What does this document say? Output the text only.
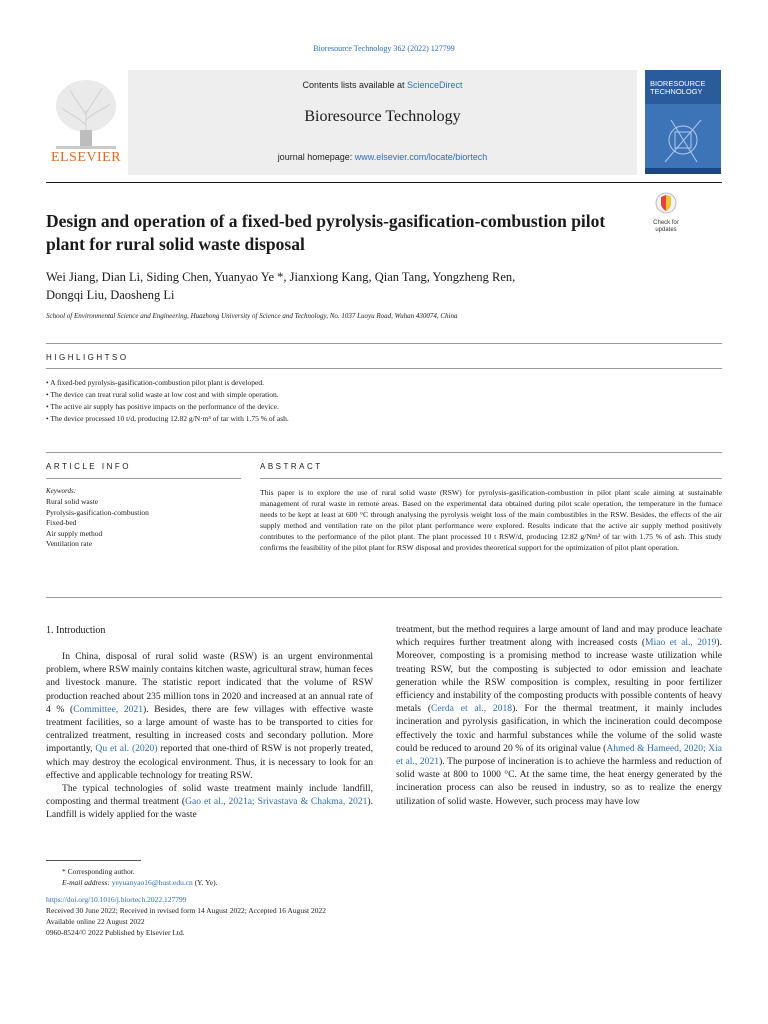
Bioresource Technology 362 (2022) 127799
ELSEVIER
Contents lists available at ScienceDirect
Bioresource Technology
journal homepage: www.elsevier.com/locate/biortech
BIORESOURCE
TECHNOLOGY
Check for
updates
Design and operation of a fixed-bed pyrolysis-gasification-combustion pilot plant for rural solid waste disposal
Wei Jiang, Dian Li, Siding Chen, Yuanyao Ye *, Jianxiong Kang, Qian Tang, Yongzheng Ren,
Dongqi Liu, Daosheng Li
School of Environmental Science and Engineering, Huazhong University of Science and Technology, No. 1037 Luoyu Road, Wuhan 430074, China
HIGHLIGHTSO
• A fixed-bed pyrolysis-gasification-combustion pilot plant is developed.
• The device can treat rural solid waste at low cost and with simple operation.
• The active air supply has positive impacts on the performance of the device.
• The device processed 10 t/d, producing 12.82 g/N·m³ of tar with 1.75 % of ash.
ARTICLE INFO	ABSTRACT
Keywords:
Rural solid waste
Pyrolysis-gasification-combustion
Fixed-bed
Air supply method
Ventilation rate
This paper is to explore the use of rural solid waste (RSW) for pyrolysis-gasification-combustion in pilot plant scale aiming at sustainable management of rural waste in remote areas. Based on the experimental data obtained during pilot scale operation, the temperature in the furnace needs to be kept at least at 600 °C through analysing the pyrolysis weight loss of the main combustibles in the RSW. Besides, the effects of the air supply method and ventilation rate on the pilot plant performance were explored. Results indicate that the active air supply method positively contributes to the performance of the pilot plant. The plant processed 10 t RSW/d, producing 12.82 g/Nm³ of tar with 1.75 % of ash. This study confirms the feasibility of the pilot plant for RSW disposal and provides theoretical support for the optimization of pilot plant operation.
1. Introduction
In China, disposal of rural solid waste (RSW) is an urgent environmental problem, where RSW mainly contains kitchen waste, agricultural straw, human feces and livestock manure. The statistic report indicated that the volume of RSW production reached about 235 million tons in 2020 and increased at an annual rate of 4 % (Committee, 2021). Besides, there are few villages with effective waste treatment facilities, so a large amount of waste has to be transported to cities for centralized treatment, resulting in increased costs and secondary pollution. More importantly, Qu et al. (2020) reported that one-third of RSW is not properly treated, which may destroy the ecological environment. Thus, it is necessary to look for an effective and applicable technology for treating RSW.
The typical technologies of solid waste treatment mainly include landfill, composting and thermal treatment (Gao et al., 2021a; Srivastava & Chakma, 2021). Landfill is widely applied for the waste
treatment, but the method requires a large amount of land and may produce leachate which requires further treatment along with increased costs (Miao et al., 2019). Moreover, composting is a promising method to increase waste utilization while treating RSW, but the composting is subjected to odor emission and leachate generation while the RSW composition is complex, resulting in poor fertilizer efficiency and instability of the composting products with possible contents of heavy metals (Cerda et al., 2018). For the thermal treatment, it mainly includes incineration and pyrolysis gasification, in which the incineration could decompose effectively the toxic and harmful substances while the volume of the solid waste could be reduced to around 20 % of its original value (Ahmed & Hameed, 2020; Xia et al., 2021). The purpose of incineration is to achieve the harmless and reduction of solid waste at 800 to 1000 °C. At the same time, the heat energy generated by the incineration process can also be reused in industry, so as to realize the energy utilization of solid waste. However, such process may have low
* Corresponding author.
E-mail address: yeyuanyao16@hust.edu.cn (Y. Ye).
https://doi.org/10.1016/j.biortech.2022.127799
Received 30 June 2022; Received in revised form 14 August 2022; Accepted 16 August 2022
Available online 22 August 2022
0960-8524/© 2022 Published by Elsevier Ltd.
